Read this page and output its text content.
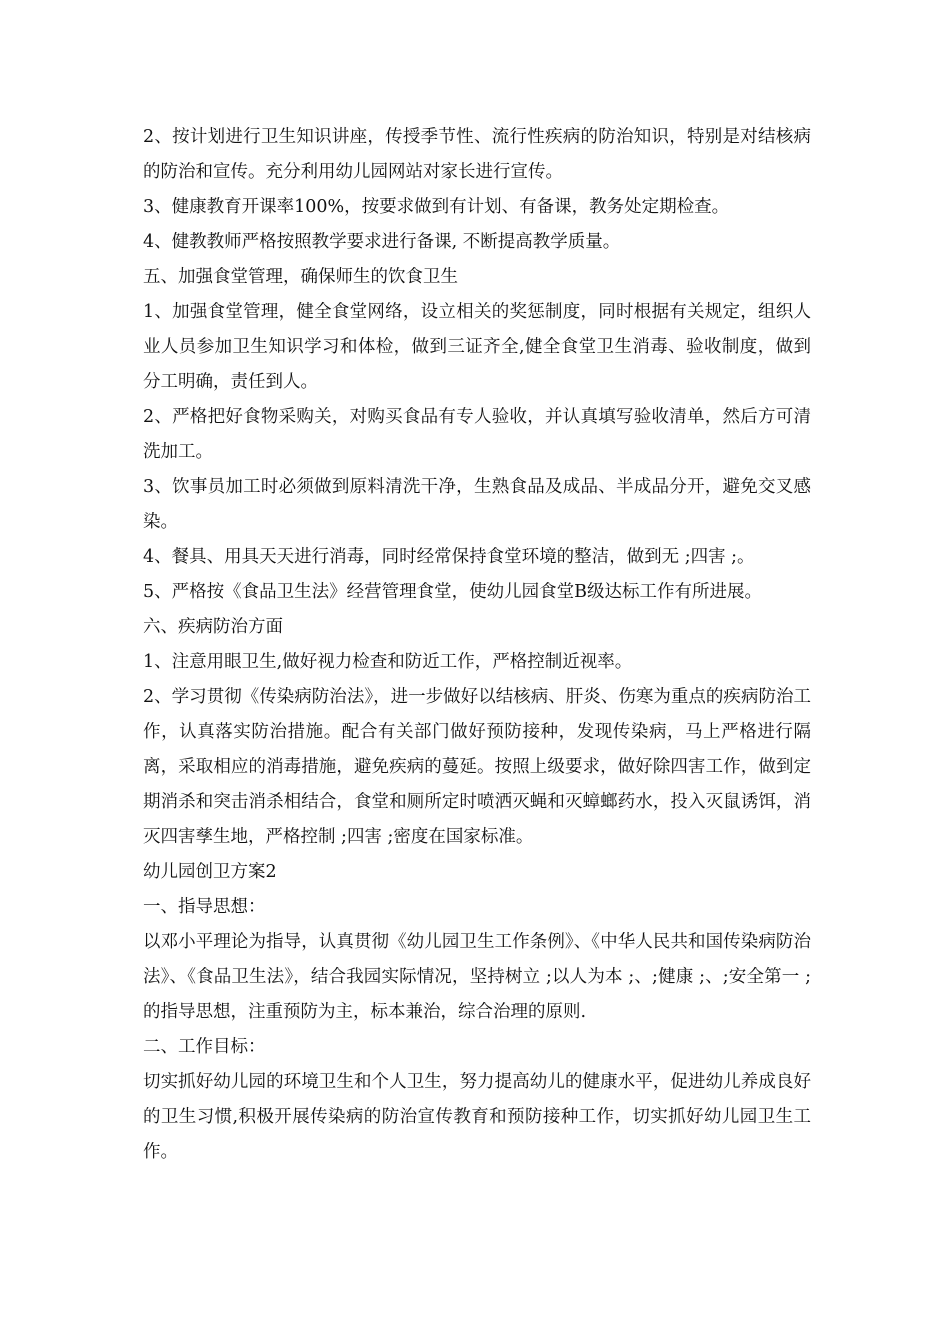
2、按计划进行卫生知识讲座，传授季节性、流行性疾病的防治知识，特别是对结核病的防治和宣传。充分利用幼儿园网站对家长进行宣传。

3、健康教育开课率100%，按要求做到有计划、有备课，教务处定期检查。

4、健教教师严格按照教学要求进行备课, 不断提高教学质量。

五、加强食堂管理，确保师生的饮食卫生

1、加强食堂管理，健全食堂网络，设立相关的奖惩制度，同时根据有关规定，组织人业人员参加卫生知识学习和体检，做到三证齐全,健全食堂卫生消毒、验收制度，做到分工明确，责任到人。

2、严格把好食物采购关，对购买食品有专人验收，并认真填写验收清单，然后方可清洗加工。

3、饮事员加工时必须做到原料清洗干净，生熟食品及成品、半成品分开，避免交叉感染。

4、餐具、用具天天进行消毒，同时经常保持食堂环境的整洁，做到无 ;四害 ;。

5、严格按《食品卫生法》经营管理食堂，使幼儿园食堂B级达标工作有所进展。

六、疾病防治方面

1、注意用眼卫生,做好视力检查和防近工作，严格控制近视率。

2、学习贯彻《传染病防治法》，进一步做好以结核病、肝炎、伤寒为重点的疾病防治工作，认真落实防治措施。配合有关部门做好预防接种，发现传染病，马上严格进行隔离，采取相应的消毒措施，避免疾病的蔓延。按照上级要求，做好除四害工作，做到定期消杀和突击消杀相结合，食堂和厕所定时喷洒灭蝇和灭蟑螂药水，投入灭鼠诱饵，消灭四害孳生地，严格控制 ;四害 ;密度在国家标准。

幼儿园创卫方案2

一、指导思想：

以邓小平理论为指导，认真贯彻《幼儿园卫生工作条例》、《中华人民共和国传染病防治法》、《食品卫生法》，结合我园实际情况，坚持树立 ;以人为本 ;、;健康 ;、;安全第一 ;的指导思想，注重预防为主，标本兼治，综合治理的原则.

二、工作目标：

切实抓好幼儿园的环境卫生和个人卫生，努力提高幼儿的健康水平，促进幼儿养成良好的卫生习惯,积极开展传染病的防治宣传教育和预防接种工作，切实抓好幼儿园卫生工作。
